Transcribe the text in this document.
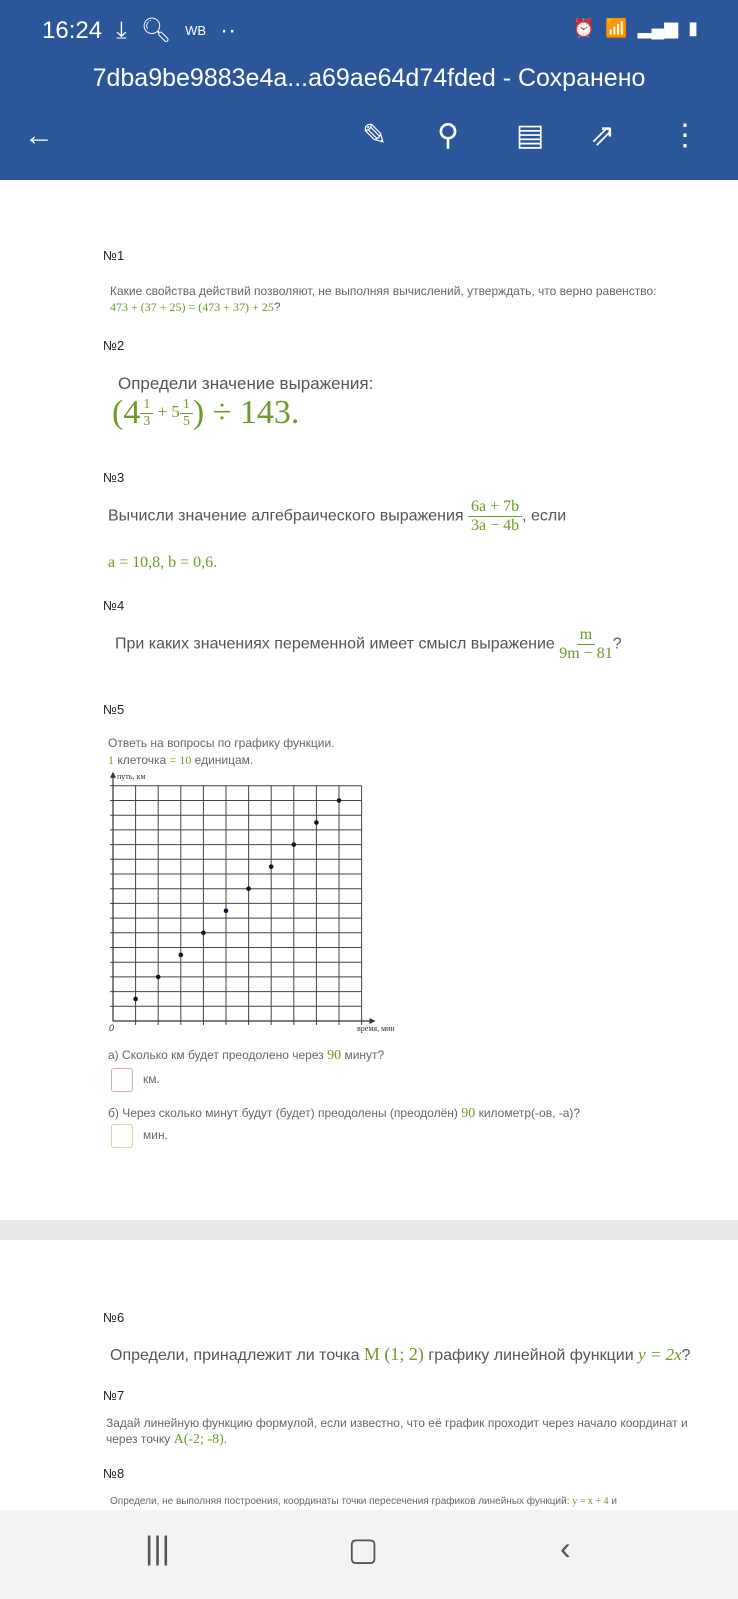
16:24 ⤓ 🔍︎ WB ··	⏰ 📶 ▂▄▆ ▮
7dba9be9883e4a...a69ae64d74fded - Сохранено
←	✎ ⚲ ▤ ⇗ ⋮
№1
Какие свойства действий позволяют, не выполняя вычислений, утверждать, что верно равенство:
473 + (37 + 25) = (473 + 37) + 25?
№2
Определи значение выражения:
($4 \frac{1}{3} + 5 \frac{1}{5}$ ) ÷ 143.
№3
Вычисли значение алгебраического выражения $\frac{6a + 7b}{3a - 4b}$ , если
a = 10,8, b = 0,6.
№4
При каких значениях переменной имеет смысл выражение $\frac{m}{9m - 81}$ ?
№5
Ответь на вопросы по графику функции.
1 клеточка = 10 единицам.
путь, км
время, мин
0
а) Сколько км будет преодолено через 90 минут?
км.
б) Через сколько минут будут (будет) преодолены (преодолён) 90 километр(-ов, -а)?
мин.
№6
Определи, принадлежит ли точка M (1; 2) графику линейной функции y = 2x?
№7
Задай линейную функцию формулой, если известно, что её график проходит через начало координат и
через точку A(-2; -8).
№8
Определи, не выполняя построения, координаты точки пересечения графиков линейных функций: y = x + 4 и
|||	▢	‹
